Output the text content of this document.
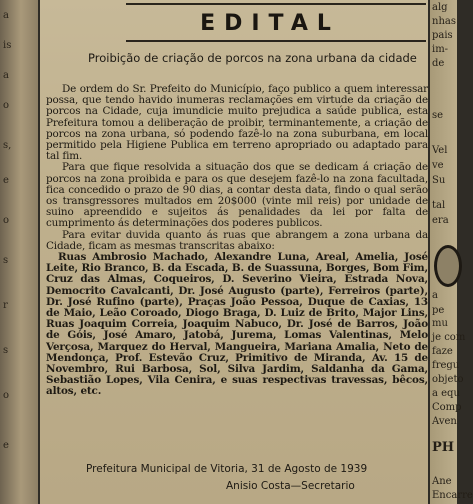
a
is
a
o
s,
e
o
s
r
s
o
e
EDITAL
Proibição de criação de porcos na zona urbana da cidade

De ordem do Sr. Prefeito do Município, faço publico a quem interessar possa, que tendo havido inumeras reclamações em virtude da criação de porcos na Cidade, cuja imundicie muito prejudica a saúde publica, esta Prefeitura tomou a deliberação de proibir, terminantemente, a criação de porcos na zona urbana, só podendo fazê-lo na zona suburbana, em local permitido pela Higiene Publica em terreno apropriado ou adaptado para tal fim.

Para que fique resolvida a situação dos que se dedicam á criação de porcos na zona proibida e para os que desejem fazê-lo na zona facultada, fica concedido o prazo de 90 dias, a contar desta data, findo o qual serão os transgressores multados em 20$000 (vinte mil reis) por unidade de suino apreendido e sujeitos ás penalidades da lei por falta de cumprimento ás determinações dos poderes publicos.

Para evitar duvida quanto ás ruas que abrangem a zona urbana da Cidade, ficam as mesmas transcritas abaixo:

Ruas Ambrosio Machado, Alexandre Luna, Areal, Amelia, José Leite, Rio Branco, B. da Escada, B. de Suassuna, Borges, Bom Fim, Cruz das Almas, Coqueiros, D. Severino Vieira, Estrada Nova, Democrito Cavalcanti, Dr. José Augusto (parte), Ferreiros (parte), Dr. José Rufino (parte), Praças João Pessoa, Duque de Caxias, 13 de Maio, Leão Coroado, Diogo Braga, D. Luiz de Brito, Major Lins, Ruas Joaquim Correia, Joaquim Nabuco, Dr. José de Barros, João de Góis, José Amaro, Jatobá, Jurema, Lomas Valentinas, Melo Verçosa, Marquez do Herval, Mangueira, Mariana Amalia, Neto de Mendonça, Prof. Estevão Cruz, Primitivo de Miranda, Av. 15 de Novembro, Rui Barbosa, Sol, Silva Jardim, Saldanha da Gama, Sebastião Lopes, Vila Cenira, e suas respectivas travessas, bêcos, altos, etc.

Prefeitura Municipal de Vitoria, 31 de Agosto de 1939
Anisio Costa—Secretario
alg
nhas
pais
im-
de
se
Vel
ve
Su
tal
era
a
pe
mu
je com
faze
fregu
objeto
a equ
Comp
Aven
PH
Ane
Encarre
